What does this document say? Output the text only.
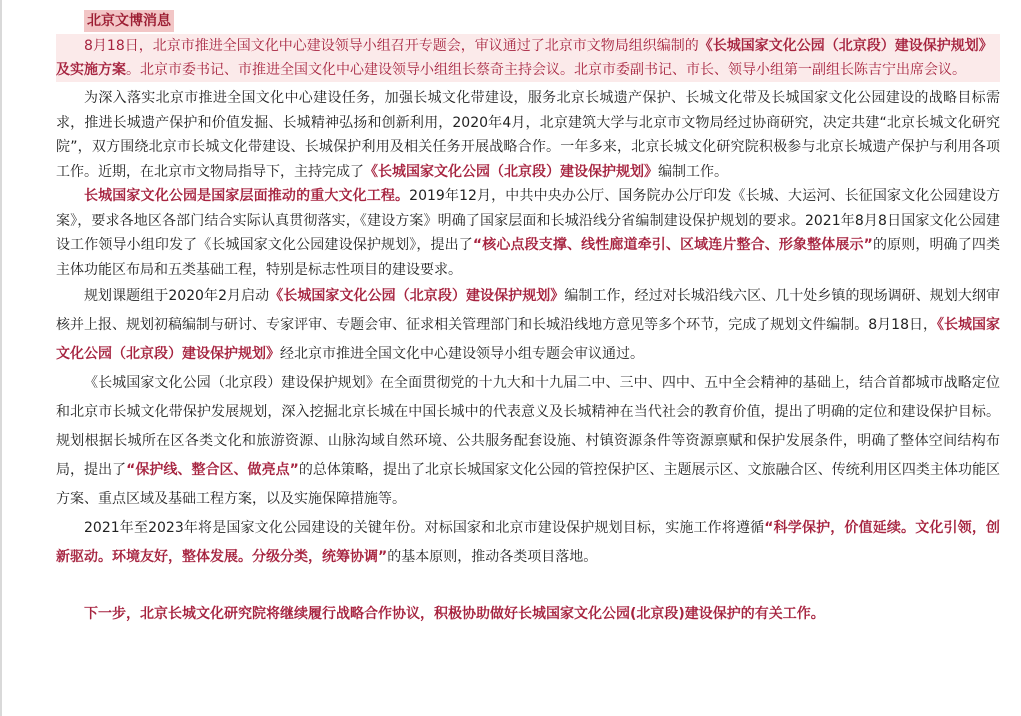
北京文博消息

8月18日，北京市推进全国文化中心建设领导小组召开专题会，审议通过了北京市文物局组织编制的《长城国家文化公园（北京段）建设保护规划》及实施方案。北京市委书记、市推进全国文化中心建设领导小组组长蔡奇主持会议。北京市委副书记、市长、领导小组第一副组长陈吉宁出席会议。

为深入落实北京市推进全国文化中心建设任务，加强长城文化带建设，服务北京长城遗产保护、长城文化带及长城国家文化公园建设的战略目标需求，推进长城遗产保护和价值发掘、长城精神弘扬和创新利用，2020年4月，北京建筑大学与北京市文物局经过协商研究，决定共建“北京长城文化研究院”，双方围绕北京市长城文化带建设、长城保护利用及相关任务开展战略合作。一年多来，北京长城文化研究院积极参与北京长城遗产保护与利用各项工作。近期，在北京市文物局指导下，主持完成了《长城国家文化公园（北京段）建设保护规划》编制工作。

长城国家文化公园是国家层面推动的重大文化工程。2019年12月，中共中央办公厅、国务院办公厅印发《长城、大运河、长征国家文化公园建设方案》，要求各地区各部门结合实际认真贯彻落实，《建设方案》明确了国家层面和长城沿线分省编制建设保护规划的要求。2021年8月8日国家文化公园建设工作领导小组印发了《长城国家文化公园建设保护规划》，提出了“核心点段支撑、线性廊道牵引、区域连片整合、形象整体展示”的原则，明确了四类主体功能区布局和五类基础工程，特别是标志性项目的建设要求。

规划课题组于2020年2月启动《长城国家文化公园（北京段）建设保护规划》编制工作，经过对长城沿线六区、几十处乡镇的现场调研、规划大纲审核并上报、规划初稿编制与研讨、专家评审、专题会审、征求相关管理部门和长城沿线地方意见等多个环节，完成了规划文件编制。8月18日，《长城国家文化公园（北京段）建设保护规划》经北京市推进全国文化中心建设领导小组专题会审议通过。

《长城国家文化公园（北京段）建设保护规划》在全面贯彻党的十九大和十九届二中、三中、四中、五中全会精神的基础上，结合首都城市战略定位和北京市长城文化带保护发展规划，深入挖掘北京长城在中国长城中的代表意义及长城精神在当代社会的教育价值，提出了明确的定位和建设保护目标。规划根据长城所在区各类文化和旅游资源、山脉沟域自然环境、公共服务配套设施、村镇资源条件等资源禀赋和保护发展条件，明确了整体空间结构布局，提出了“保护线、整合区、做亮点”的总体策略，提出了北京长城国家文化公园的管控保护区、主题展示区、文旅融合区、传统利用区四类主体功能区方案、重点区域及基础工程方案，以及实施保障措施等。

2021年至2023年将是国家文化公园建设的关键年份。对标国家和北京市建设保护规划目标，实施工作将遵循“科学保护，价值延续。文化引领，创新驱动。环境友好，整体发展。分级分类，统筹协调”的基本原则，推动各类项目落地。

下一步，北京长城文化研究院将继续履行战略合作协议，积极协助做好长城国家文化公园(北京段)建设保护的有关工作。
